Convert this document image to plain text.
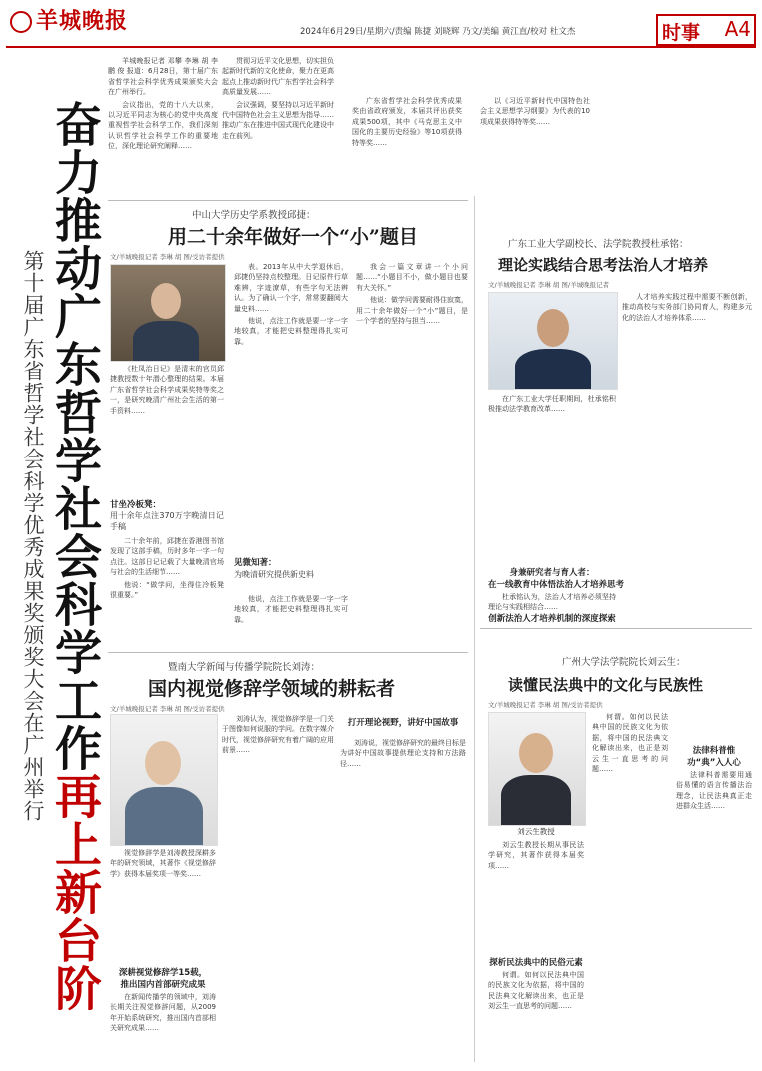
羊城晚报	2024年6月29日/星期六/责编 陈捷 刘晓辉 乃文/美编 黄江直/校对 杜文杰	时事 A4

羊城晚报记者 邓攀 李琳 胡 李鹏 俊 报道：6月28日，第十届广东省哲学社会科学优秀成果颁奖大会在广州举行。

会议指出，党的十八大以来，以习近平同志为核心的党中央高度重视哲学社会科学工作，我们深刻认识哲学社会科学工作的重要地位，深化理论研究阐释……

贯彻习近平文化思想，切实担负起新时代新的文化使命，聚力在更高起点上推动新时代广东哲学社会科学高质量发展……

会议强调，要坚持以习近平新时代中国特色社会主义思想为指导……推动广东在推进中国式现代化建设中走在前列。

广东省哲学社会科学优秀成果奖由省政府颁发，本届共评出获奖成果500项，其中《马克思主义中国化的主要历史经验》等10项获得特等奖……

以《习近平新时代中国特色社会主义思想学习纲要》为代表的10项成果获得特等奖……

奋力推动广东哲学社会科学工作再上新台阶
第十届广东省哲学社会科学优秀成果奖颁奖大会在广州举行
中山大学历史学系教授邱捷：
用二十余年做好一个“小”题目
文/羊城晚报记者 李琳 胡 图/受访者提供

《杜凤治日记》是清末的官员邱捷教授数十年潜心整理的结果。本届广东省哲学社会科学成果奖特等奖之一，是研究晚清广州社会生活的第一手资料……

甘坐冷板凳：

用十余年点注370万字晚清日记手稿

二十余年前，邱捷在香港图书馆发现了这部手稿，历时多年一字一句点注。这部日记记载了大量晚清官场与社会的生活细节……

他说：“做学问，坐得住冷板凳很重要。”

表。2013年从中大学退休后，邱捷仍坚持点校整理。日记原件行草难辨，字迹潦草，有些字句无法辨认。为了确认一个字，常常要翻阅大量史料……

他说，点注工作就是要一字一字地较真，才能把史料整理得扎实可靠。

见微知著：

为晚清研究提供新史料

他说，点注工作就是要一字一字地较真，才能把史料整理得扎实可靠。

我会一篇文章讲一个小问题……“小题目不小，做小题目也要有大关怀。”

他说：做学问需要耐得住寂寞，用二十余年做好一个“小”题目，是一个学者的坚持与担当……

暨南大学新闻与传播学院院长刘涛：
国内视觉修辞学领域的耕耘者
文/羊城晚报记者 李琳 胡 图/受访者提供

视觉修辞学是刘涛教授深耕多年的研究领域，其著作《视觉修辞学》获得本届奖项一等奖……

深耕视觉修辞学15载，
推出国内首部研究成果

在新闻传播学的领域中，刘涛长期关注视觉修辞问题，从2009年开始系统研究，推出国内首部相关研究成果……

刘涛认为，视觉修辞学是一门关于图像如何说服的学问。在数字媒介时代，视觉修辞研究有着广阔的应用前景……

打开理论视野，讲好中国故事

刘涛说，视觉修辞研究的最终目标是为讲好中国故事提供理论支持和方法路径……

广东工业大学副校长、法学院教授杜承铭：
理论实践结合思考法治人才培养
文/羊城晚报记者 李琳 胡 图/羊城晚报记者

在广东工业大学任职期间，杜承铭积极推动法学教育改革……

身兼研究者与育人者：
在一线教育中体悟法治人才培养思考

杜承铭认为，法治人才培养必须坚持理论与实践相结合……

人才培养实践过程中需要不断创新，推动高校与实务部门协同育人，构建多元化的法治人才培养体系……

创新法治人才培养机制的深度探索
广州大学法学院院长刘云生：
读懂民法典中的文化与民族性
文/羊城晚报记者 李琳 胡 图/受访者提供
刘云生教授

刘云生教授长期从事民法学研究，其著作获得本届奖项……

探析民法典中的民俗元素

何谓。如何以民法典中国的民族文化为依据，将中国的民法典文化解读出来，也正是刘云生一直思考的问题……

何谓。如何以民法典中国的民族文化为依据，将中国的民法典文化解读出来，也正是刘云生一直思考的问题……

法律科普惟功“典”入人心

法律科普需要用通俗易懂的语言传播法治理念，让民法典真正走进群众生活……
